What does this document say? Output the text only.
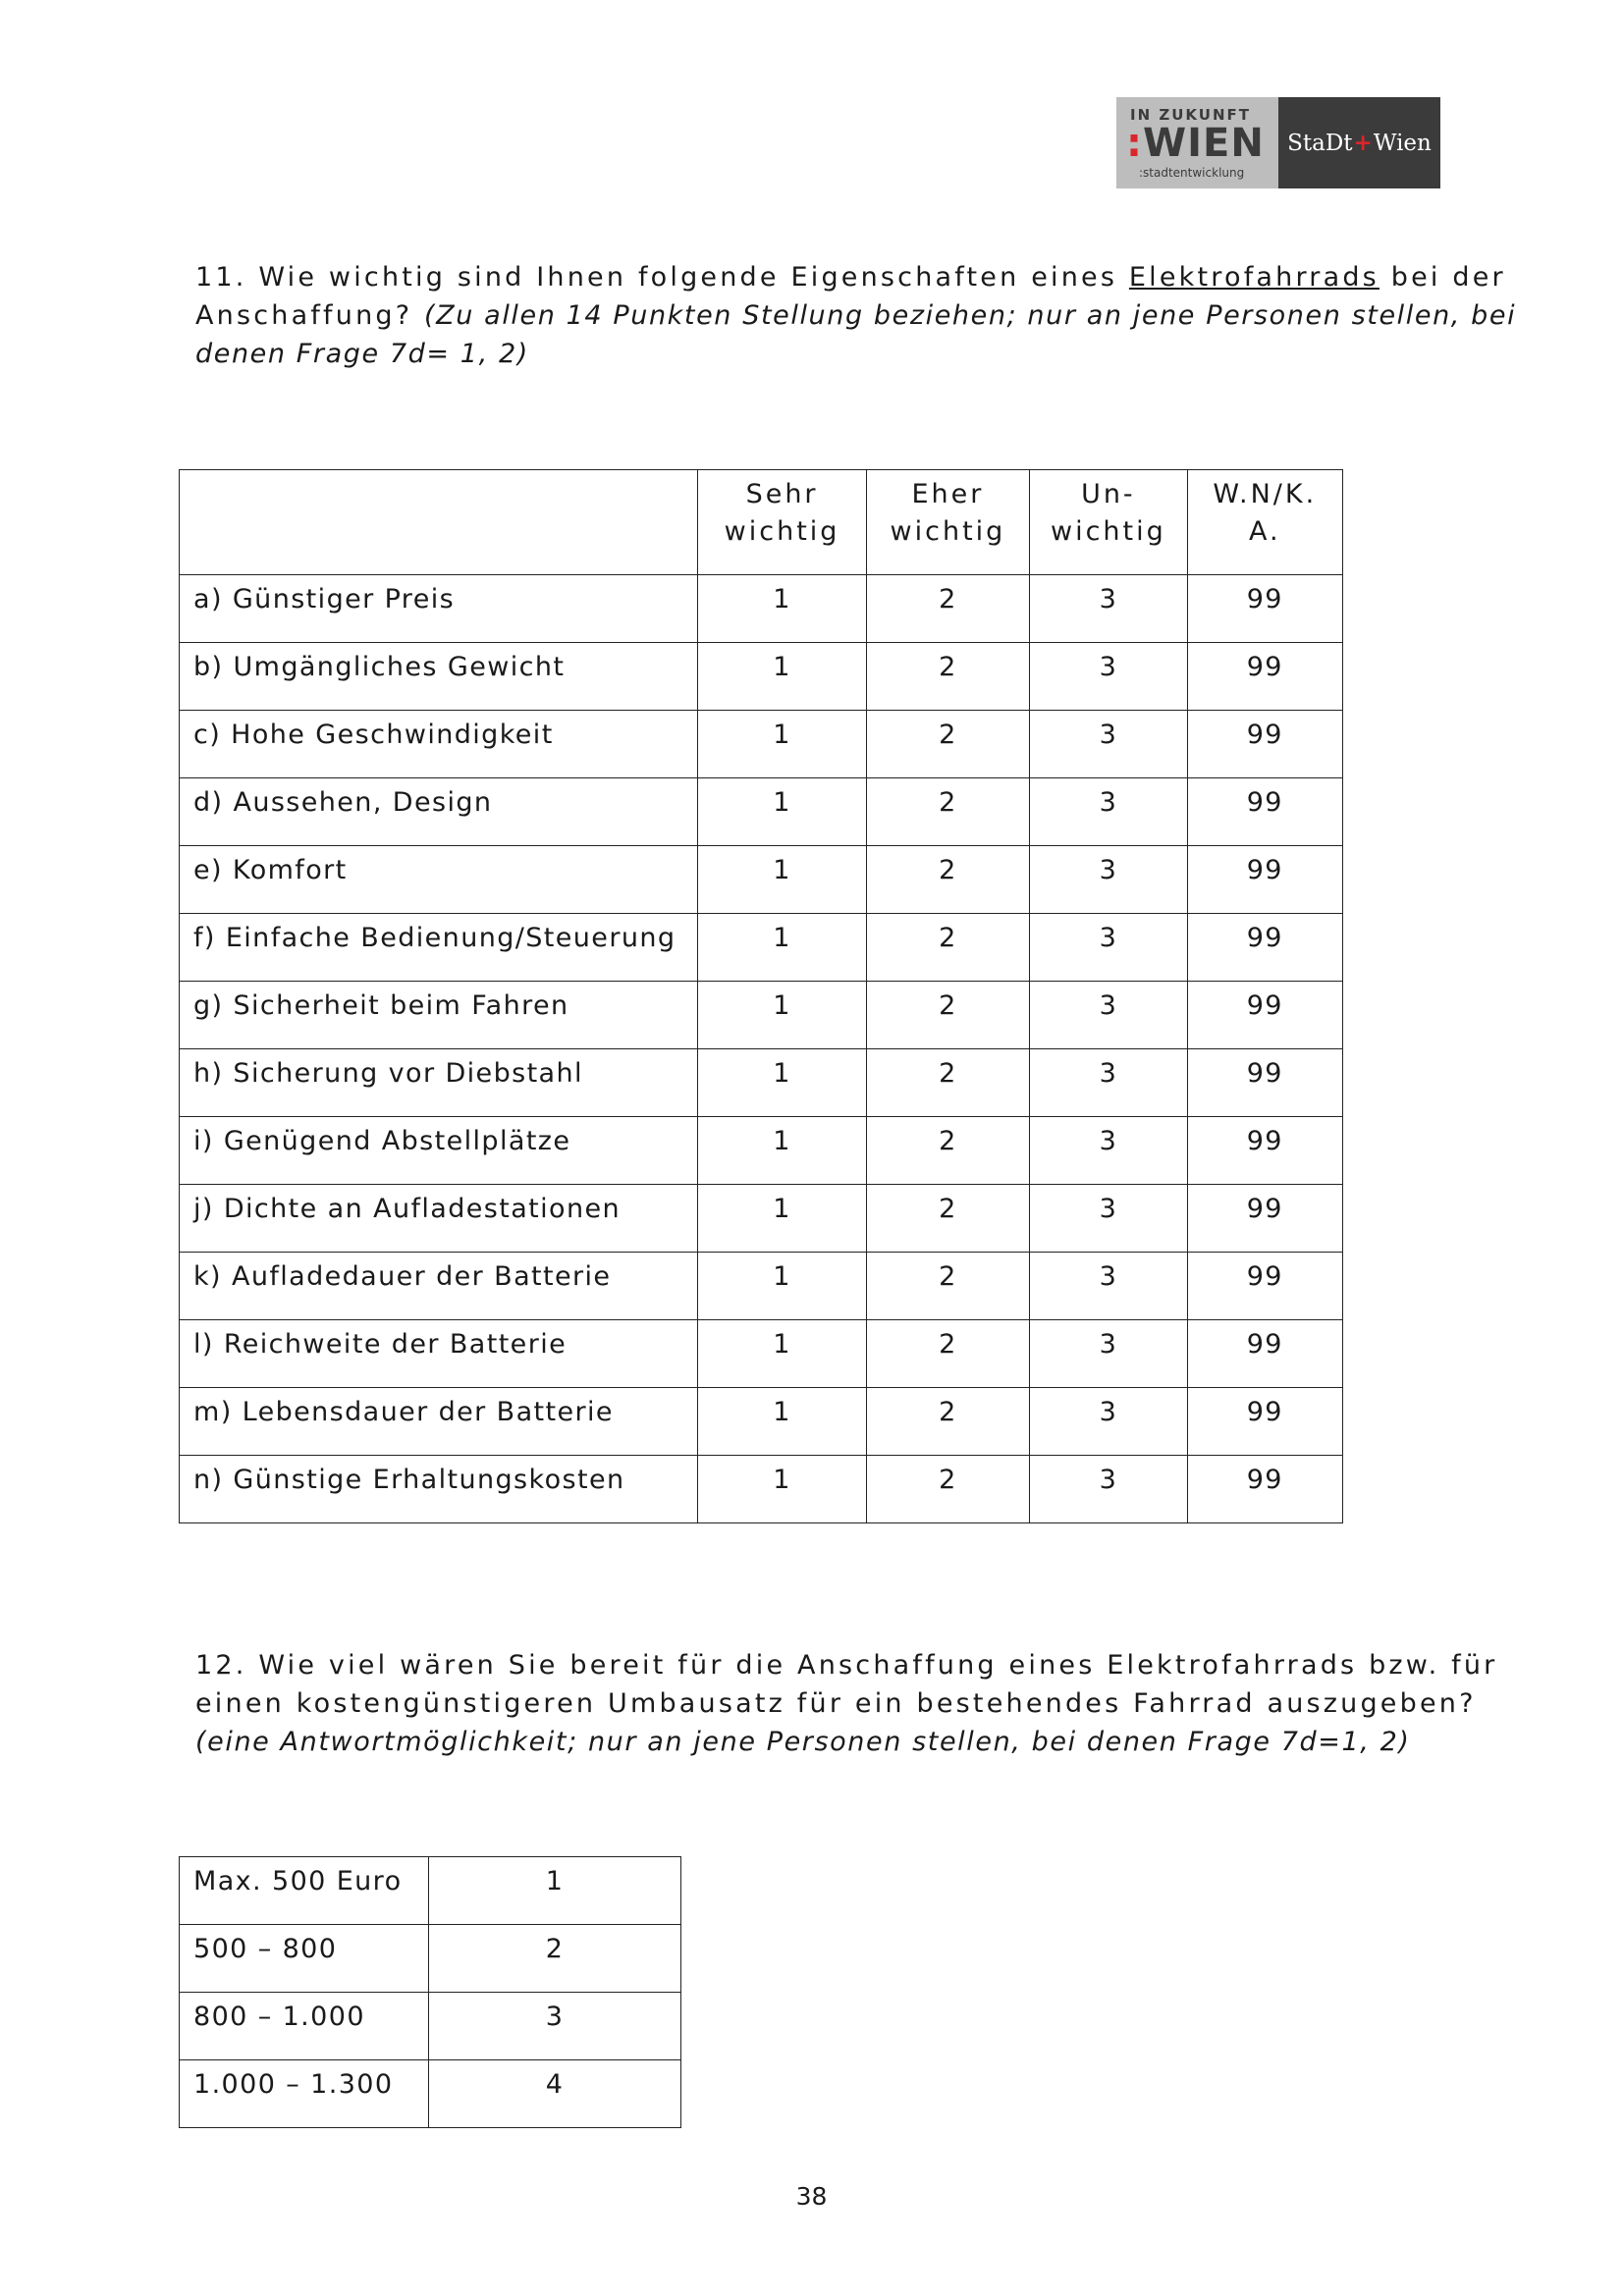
IN ZUKUNFT
:WIEN
:stadtentwicklung
StaDt + Wien
11. Wie wichtig sind Ihnen folgende Eigenschaften eines Elektrofahrrads bei der Anschaffung? (Zu allen 14 Punkten Stellung beziehen; nur an jene Personen stellen, bei denen Frage 7d= 1, 2)
	Sehr wichtig	Eher wichtig	Un-wichtig	W.N/K. A.
a) Günstiger Preis	1	2	3	99
b) Umgängliches Gewicht	1	2	3	99
c) Hohe Geschwindigkeit	1	2	3	99
d) Aussehen, Design	1	2	3	99
e) Komfort	1	2	3	99
f) Einfache Bedienung/Steuerung	1	2	3	99
g) Sicherheit beim Fahren	1	2	3	99
h) Sicherung vor Diebstahl	1	2	3	99
i) Genügend Abstellplätze	1	2	3	99
j) Dichte an Aufladestationen	1	2	3	99
k) Aufladedauer der Batterie	1	2	3	99
l) Reichweite der Batterie	1	2	3	99
m) Lebensdauer der Batterie	1	2	3	99
n) Günstige Erhaltungskosten	1	2	3	99
12. Wie viel wären Sie bereit für die Anschaffung eines Elektrofahrrads bzw. für einen kostengünstigeren Umbausatz für ein bestehendes Fahrrad auszugeben? (eine Antwortmöglichkeit; nur an jene Personen stellen, bei denen Frage 7d=1, 2)
Max. 500 Euro	1
500 – 800	2
800 – 1.000	3
1.000 – 1.300	4
38
